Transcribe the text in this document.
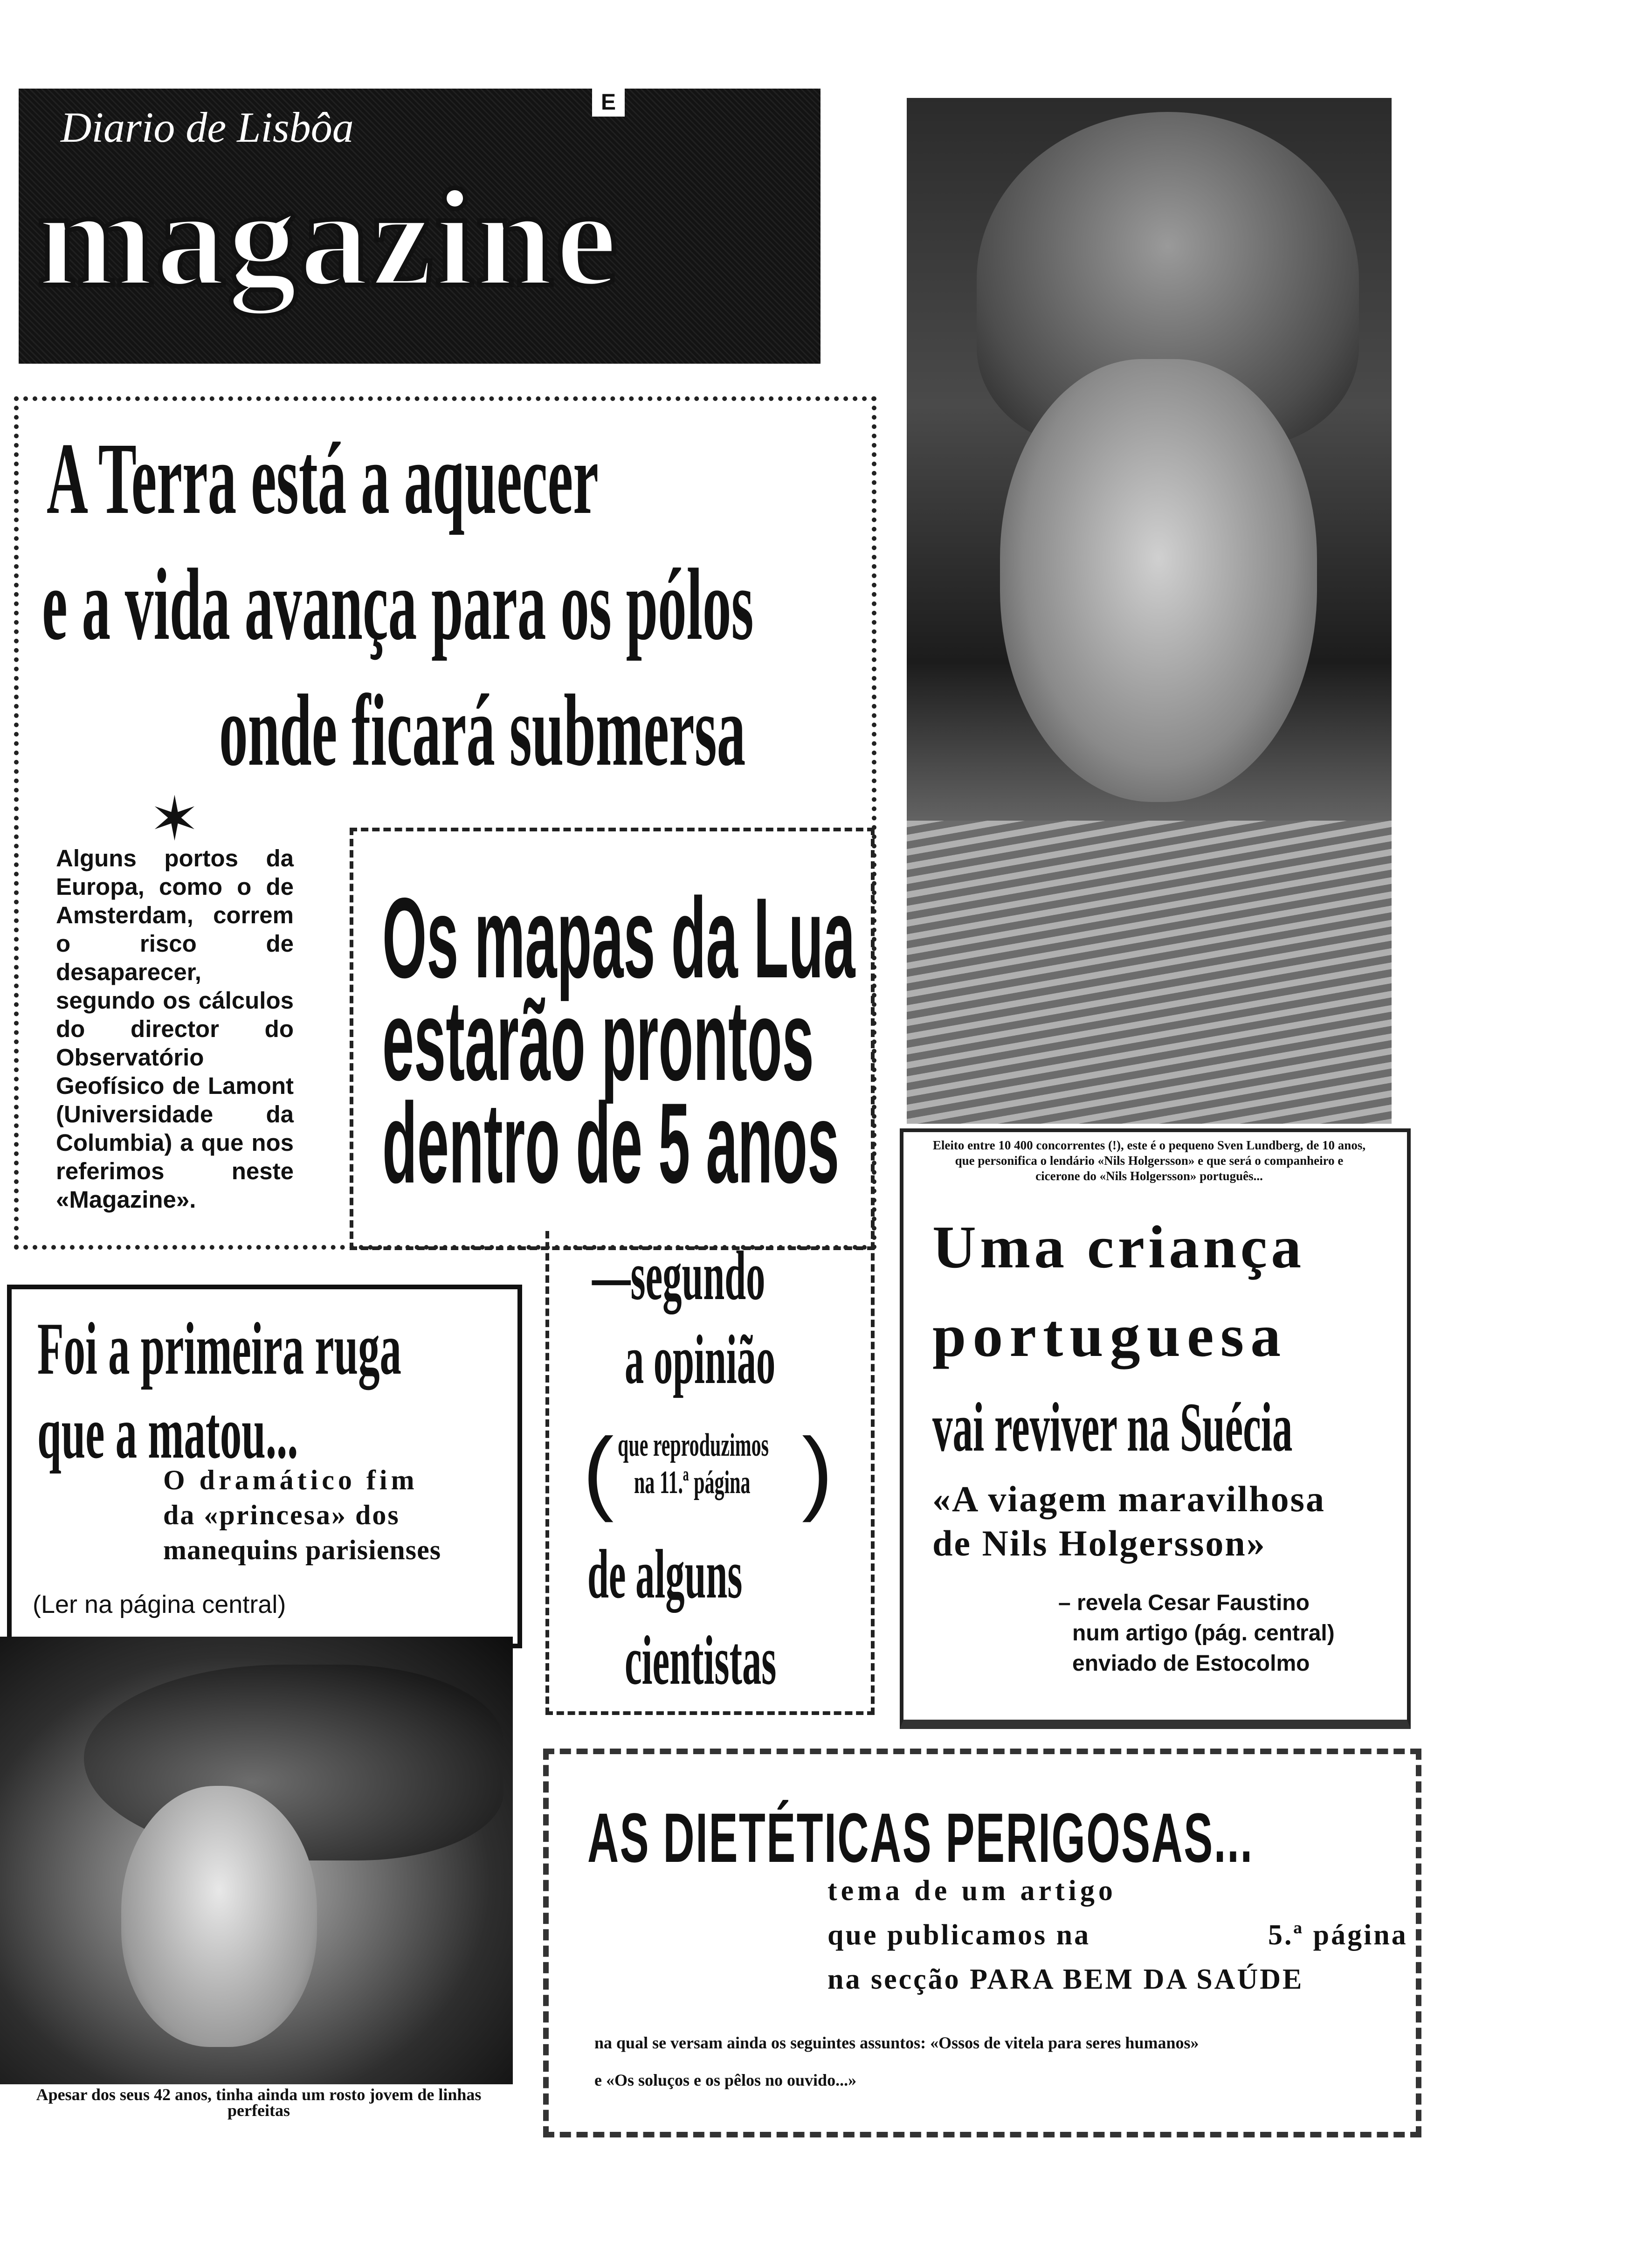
Diario de Lisbôa
magazine
E
A Terra está a aquecer
e a vida avança para os pólos
onde ficará submersa
✶
Alguns portos da Europa, como o de Amsterdam, correm o risco de desaparecer, segundo os cálculos do director do Observatório Geofísico de Lamont (Universidade da Columbia) a que nos referimos neste «Magazine».
Os mapas da Lua
estarão prontos
dentro de 5 anos
—segundo
a opinião
( que reproduzimos
na 11.ª página )
de alguns
cientistas
Foi a primeira ruga
que a matou...
O dramático fim
da «princesa» dos
manequins parisienses
(Ler na página central)
Apesar dos seus 42 anos, tinha ainda um rosto jovem de linhas perfeitas
Eleito entre 10 400 concorrentes (!), este é o pequeno Sven Lundberg, de 10 anos, que personifica o lendário «Nils Holgersson» e que será o companheiro e cicerone do «Nils Holgersson» português...
Uma criança
portuguesa
vai reviver na Suécia
«A viagem maravilhosa
de Nils Holgersson»
– revela Cesar Faustino
num artigo (pág. central)
enviado de Estocolmo
AS DIETÉTICAS PERIGOSAS...
tema de um artigo
que publicamos na	5.ª página
na secção PARA BEM DA SAÚDE
na qual se versam ainda os seguintes assuntos: «Ossos de vitela para seres humanos»
e «Os soluços e os pêlos no ouvido...»
